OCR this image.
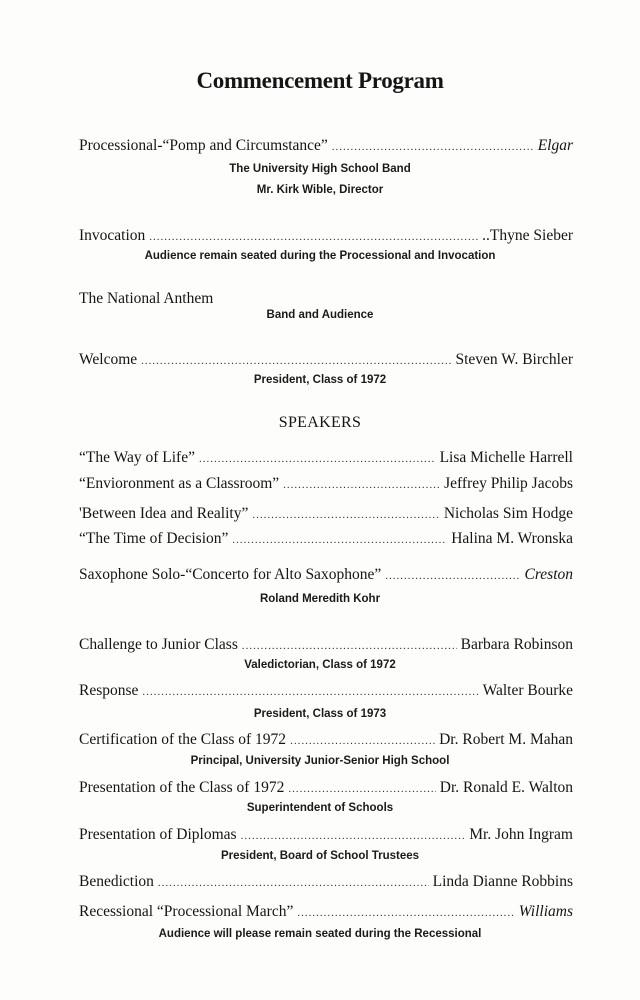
Commencement Program
Processional-“Pomp and Circumstance” .....	Elgar
The University High School Band
Mr. Kirk Wible, Director
Invocation .....	..Thyne Sieber
Audience remain seated during the Processional and Invocation
The National Anthem
Band and Audience
Welcome .....	Steven W. Birchler
President, Class of 1972
SPEAKERS
“The Way of Life” .....	Lisa Michelle Harrell
“Envioronment as a Classroom” .....	Jeffrey Philip Jacobs
'Between Idea and Reality” .....	Nicholas Sim Hodge
“The Time of Decision” .....	Halina M. Wronska
Saxophone Solo-“Concerto for Alto Saxophone” .....	Creston
Roland Meredith Kohr
Challenge to Junior Class .....	Barbara Robinson
Valedictorian, Class of 1972
Response .....	Walter Bourke
President, Class of 1973
Certification of the Class of 1972 .....	Dr. Robert M. Mahan
Principal, University Junior-Senior High School
Presentation of the Class of 1972 .....	Dr. Ronald E. Walton
Superintendent of Schools
Presentation of Diplomas .....	Mr. John Ingram
President, Board of School Trustees
Benediction .....	Linda Dianne Robbins
Recessional “Processional March” .....	Williams
Audience will please remain seated during the Recessional
